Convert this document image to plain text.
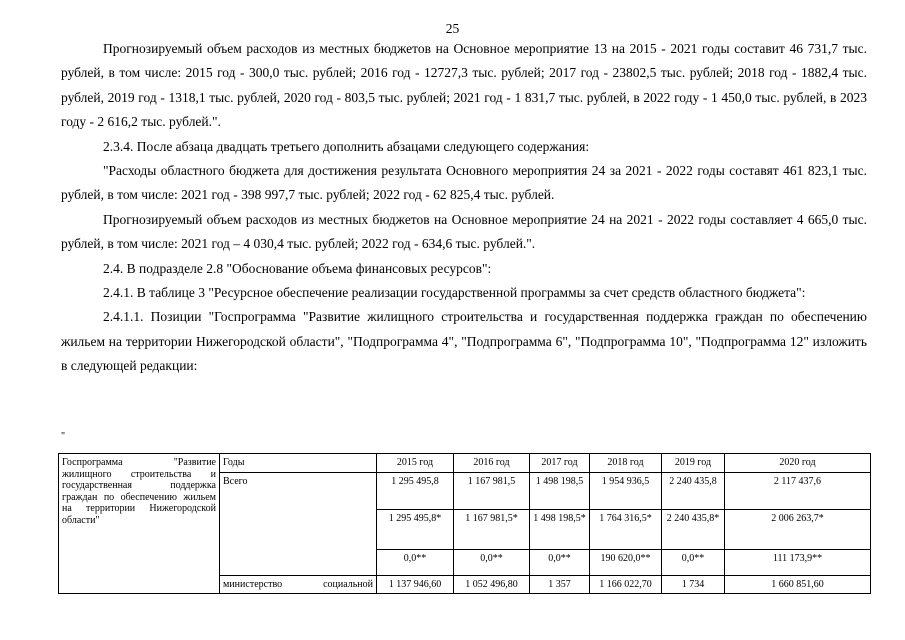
25

Прогнозируемый объем расходов из местных бюджетов на Основное мероприятие 13 на 2015 - 2021 годы составит 46 731,7 тыс. рублей, в том числе: 2015 год - 300,0 тыс. рублей; 2016 год - 12727,3 тыс. рублей; 2017 год - 23802,5 тыс. рублей; 2018 год - 1882,4 тыс. рублей, 2019 год - 1318,1 тыс. рублей, 2020 год - 803,5 тыс. рублей; 2021 год - 1 831,7 тыс. рублей, в 2022 году - 1 450,0 тыс. рублей, в 2023 году - 2 616,2 тыс. рублей.".

2.3.4. После абзаца двадцать третьего дополнить абзацами следующего содержания:

"Расходы областного бюджета для достижения результата Основного мероприятия 24 за 2021 - 2022 годы составят 461 823,1 тыс. рублей, в том числе: 2021 год - 398 997,7 тыс. рублей; 2022 год - 62 825,4 тыс. рублей.

Прогнозируемый объем расходов из местных бюджетов на Основное мероприятие 24 на 2021 - 2022 годы составляет 4 665,0 тыс. рублей, в том числе: 2021 год – 4 030,4 тыс. рублей; 2022 год - 634,6 тыс. рублей.".

2.4. В подразделе 2.8 "Обоснование объема финансовых ресурсов":

2.4.1. В таблице 3 "Ресурсное обеспечение реализации государственной программы за счет средств областного бюджета":

2.4.1.1. Позиции "Госпрограмма "Развитие жилищного строительства и государственная поддержка граждан по обеспечению жильем на территории Нижегородской области", "Подпрограмма 4", "Подпрограмма 6", "Подпрограмма 10", "Подпрограмма 12" изложить в следующей редакции:

"
Госпрограмма "Развитие жилищного строительства и государственная поддержка граждан по обеспечению жильем на территории Нижегородской области"	Годы	2015 год	2016 год	2017 год	2018 год	2019 год	2020 год
	Всего	1 295 495,8	1 167 981,5	1 498 198,5	1 954 936,5	2 240 435,8	2 117 437,6
		1 295 495,8*	1 167 981,5*	1 498 198,5*	1 764 316,5*	2 240 435,8*	2 006 263,7*
		0,0**	0,0**	0,0**	190 620,0**	0,0**	111 173,9**

	министерство социальной	1 137 946,60	1 052 496,80	1 357	1 166 022,70	1 734	1 660 851,60
